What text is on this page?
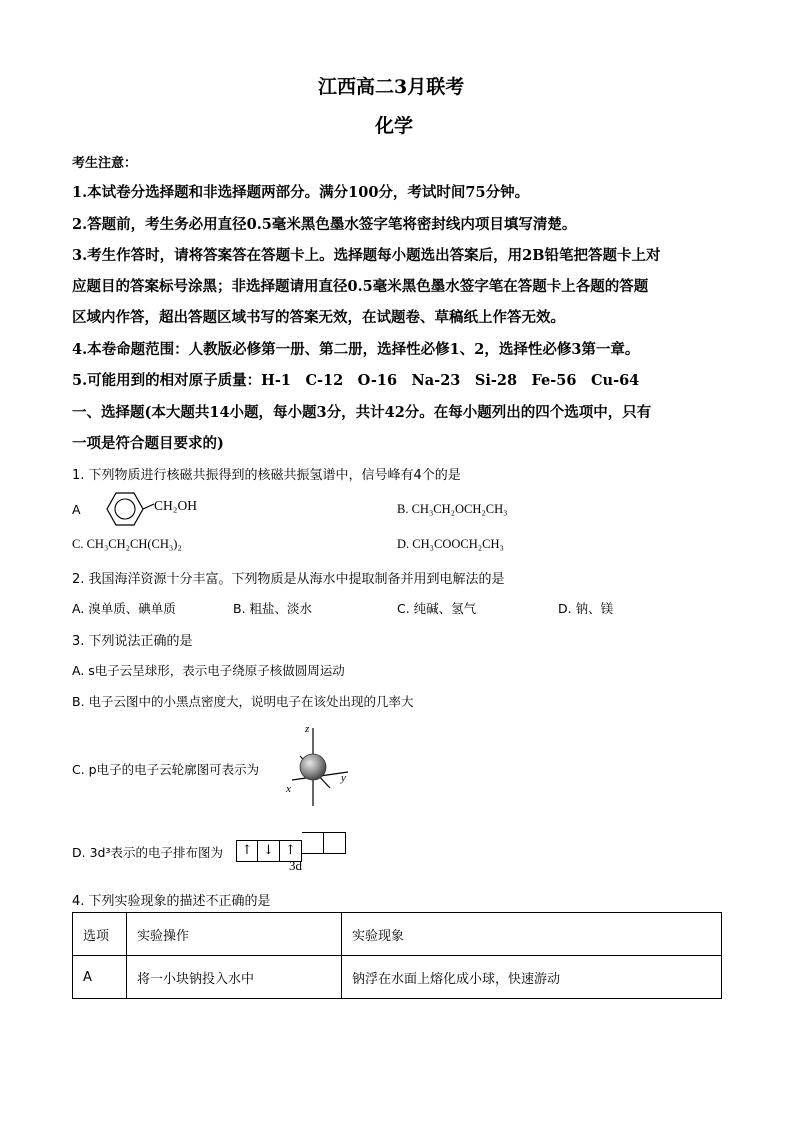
江西高二3月联考
化学
考生注意：
1.本试卷分选择题和非选择题两部分。满分100分，考试时间75分钟。
2.答题前，考生务必用直径0.5毫米黑色墨水签字笔将密封线内项目填写清楚。
3.考生作答时，请将答案答在答题卡上。选择题每小题选出答案后，用2B铅笔把答题卡上对
应题目的答案标号涂黑；非选择题请用直径0.5毫米黑色墨水签字笔在答题卡上各题的答题
区域内作答，超出答题区域书写的答案无效，在试题卷、草稿纸上作答无效。
4.本卷命题范围：人教版必修第一册、第二册，选择性必修1、2，选择性必修3第一章。
5.可能用到的相对原子质量：H-1　C-12　O-16　Na-23　Si-28　Fe-56　Cu-64
一、选择题(本大题共14小题，每小题3分，共计42分。在每小题列出的四个选项中，只有
一项是符合题目要求的)
1. 下列物质进行核磁共振得到的核磁共振氢谱中，信号峰有4个的是
A	CH₂OH	B. CH₃CH₂OCH₂CH₃
C. CH₃CH₂CH(CH₃)₂	D. CH₃COOCH₂CH₃
2. 我国海洋资源十分丰富。下列物质是从海水中提取制备并用到电解法的是
A. 溴单质、碘单质	B. 粗盐、淡水	C. 纯碱、氢气	D. 钠、镁
3. 下列说法正确的是
A. s电子云呈球形，表示电子绕原子核做圆周运动
B. 电子云图中的小黑点密度大，说明电子在该处出现的几率大
C. p电子的电子云轮廓图可表示为
z
y
x
D. 3d³表示的电子排布图为	↑ ↓ ↑
3d
4. 下列实验现象的描述不正确的是
选项	实验操作	实验现象
A	将一小块钠投入水中	钠浮在水面上熔化成小球，快速游动
